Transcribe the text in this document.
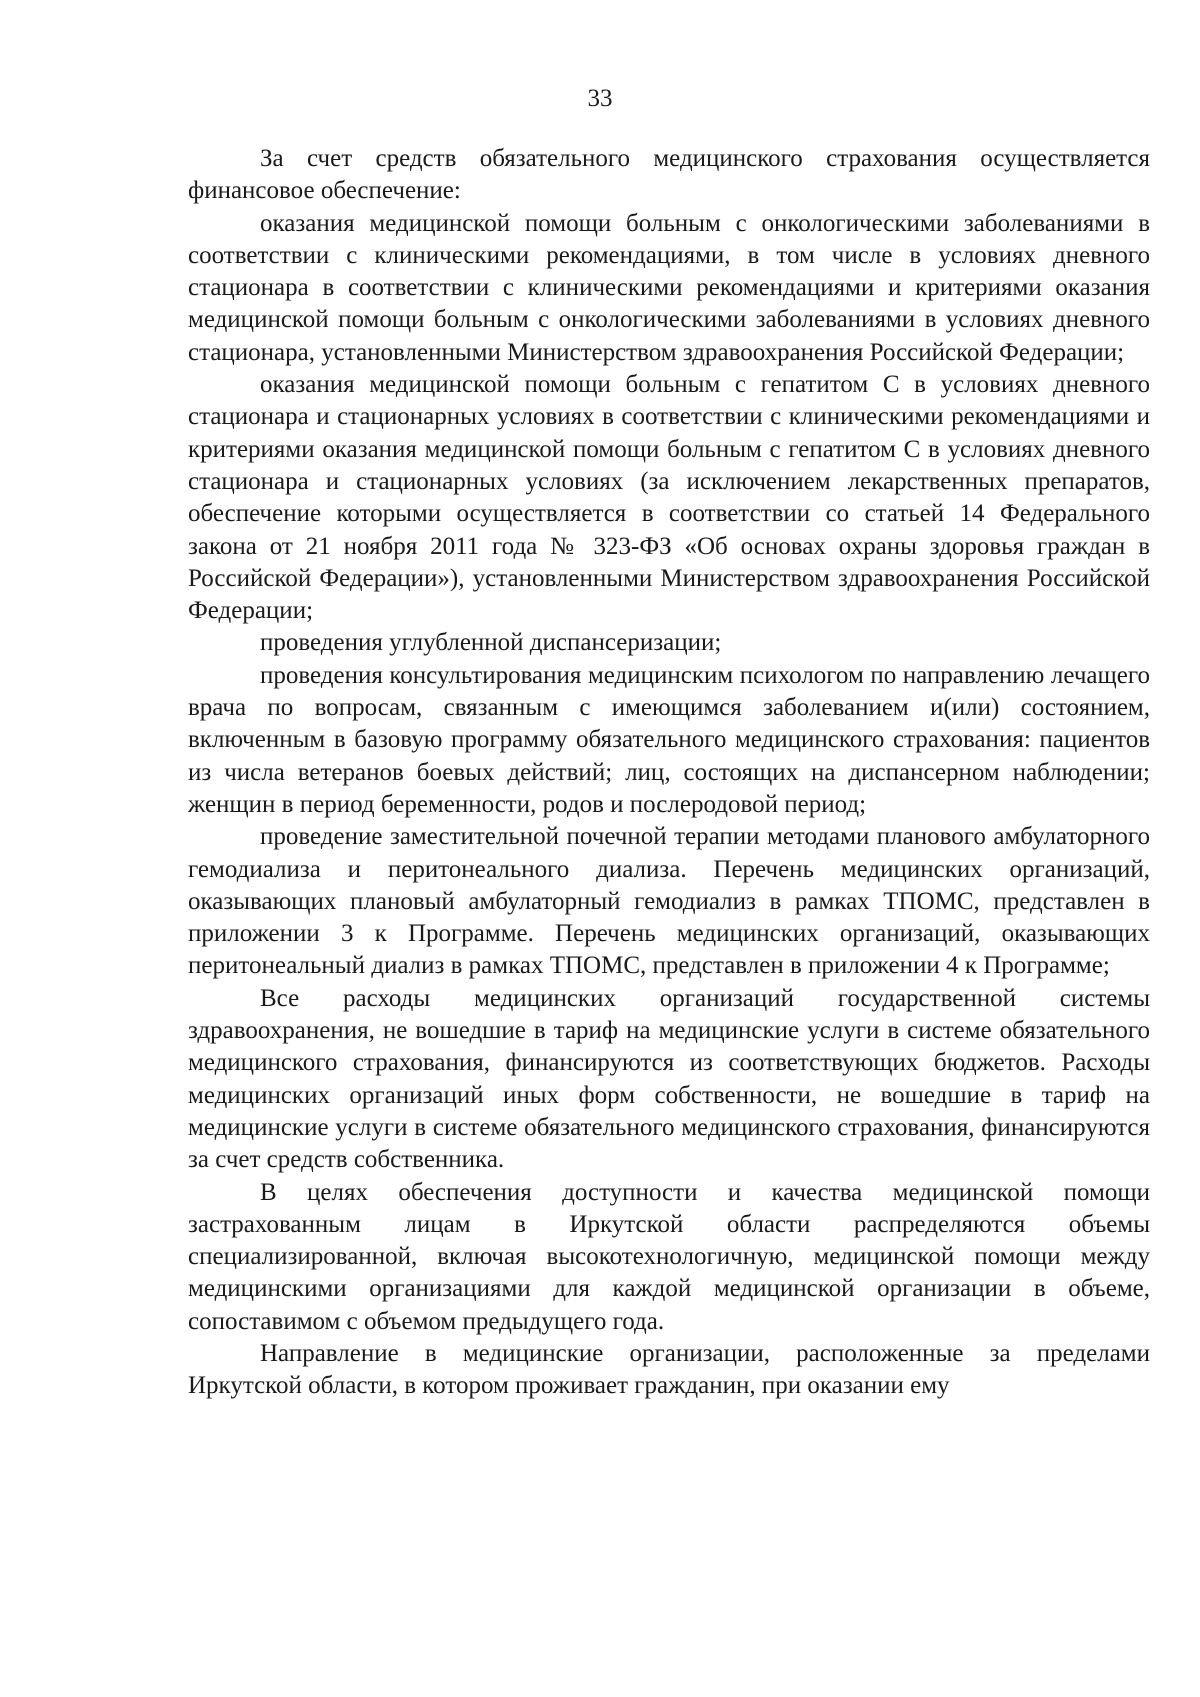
33

За счет средств обязательного медицинского страхования осуществляется финансовое обеспечение:

оказания медицинской помощи больным с онкологическими заболеваниями в соответствии с клиническими рекомендациями, в том числе в условиях дневного стационара в соответствии с клиническими рекомендациями и критериями оказания медицинской помощи больным с онкологическими заболеваниями в условиях дневного стационара, установленными Министерством здравоохранения Российской Федерации;

оказания медицинской помощи больным с гепатитом С в условиях дневного стационара и стационарных условиях в соответствии с клиническими рекомендациями и критериями оказания медицинской помощи больным с гепатитом С в условиях дневного стационара и стационарных условиях (за исключением лекарственных препаратов, обеспечение которыми осуществляется в соответствии со статьей 14 Федерального закона от 21 ноября 2011 года № 323-ФЗ «Об основах охраны здоровья граждан в Российской Федерации»), установленными Министерством здравоохранения Российской Федерации;

проведения углубленной диспансеризации;

проведения консультирования медицинским психологом по направлению лечащего врача по вопросам, связанным с имеющимся заболеванием и(или) состоянием, включенным в базовую программу обязательного медицинского страхования: пациентов из числа ветеранов боевых действий; лиц, состоящих на диспансерном наблюдении; женщин в период беременности, родов и послеродовой период;

проведение заместительной почечной терапии методами планового амбулаторного гемодиализа и перитонеального диализа. Перечень медицинских организаций, оказывающих плановый амбулаторный гемодиализ в рамках ТПОМС, представлен в приложении 3 к Программе. Перечень медицинских организаций, оказывающих перитонеальный диализ в рамках ТПОМС, представлен в приложении 4 к Программе;

Все расходы медицинских организаций государственной системы здравоохранения, не вошедшие в тариф на медицинские услуги в системе обязательного медицинского страхования, финансируются из соответствующих бюджетов. Расходы медицинских организаций иных форм собственности, не вошедшие в тариф на медицинские услуги в системе обязательного медицинского страхования, финансируются за счет средств собственника.

В целях обеспечения доступности и качества медицинской помощи застрахованным лицам в Иркутской области распределяются объемы специализированной, включая высокотехнологичную, медицинской помощи между медицинскими организациями для каждой медицинской организации в объеме, сопоставимом с объемом предыдущего года.

Направление в медицинские организации, расположенные за пределами Иркутской области, в котором проживает гражданин, при оказании ему
